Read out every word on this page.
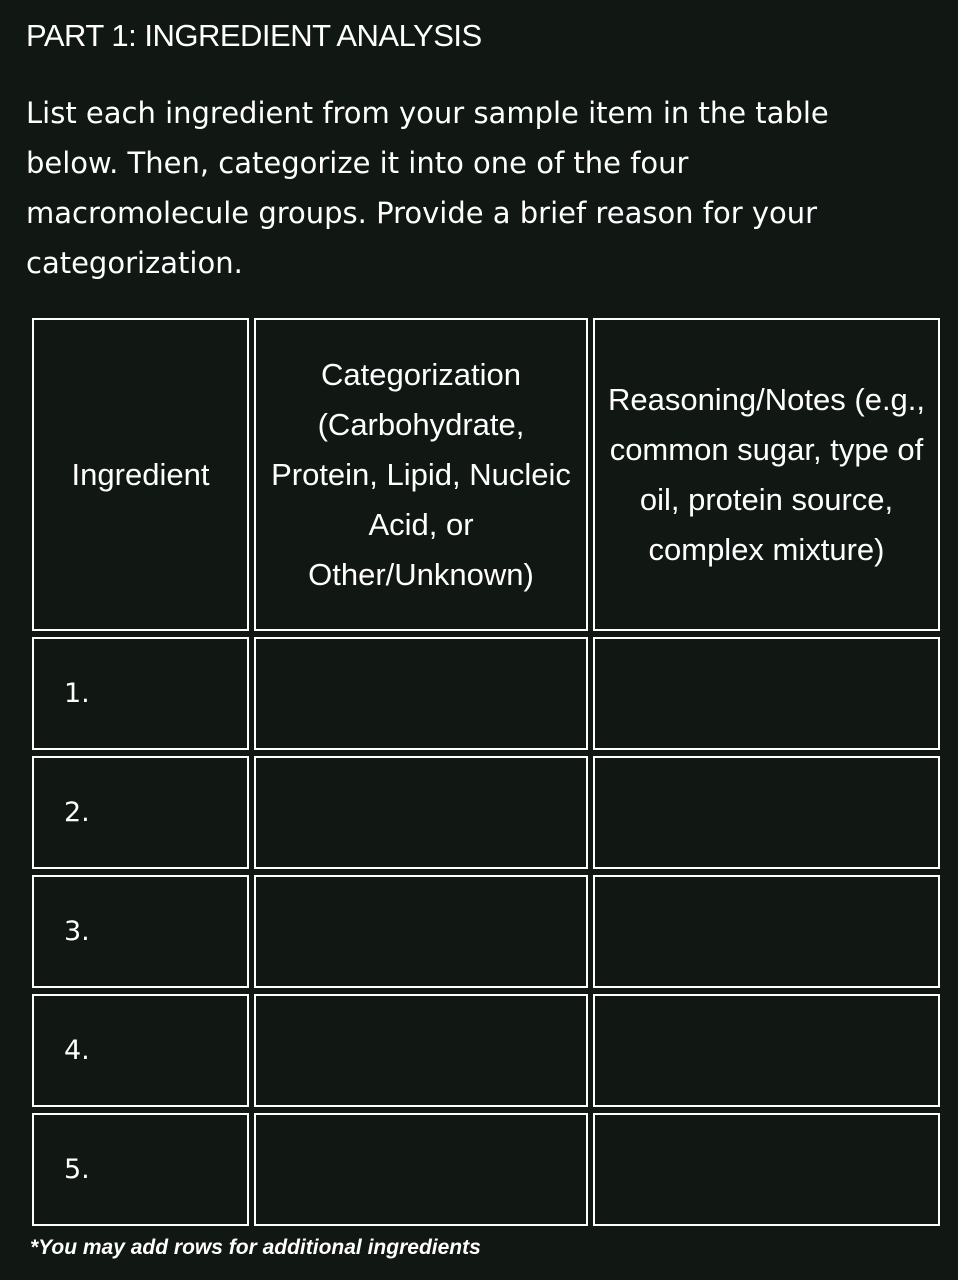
PART 1: INGREDIENT ANALYSIS

List each ingredient from your sample item in the table below. Then, categorize it into one of the four macromolecule groups. Provide a brief reason for your categorization.

Ingredient
Categorization (Carbohydrate, Protein, Lipid, Nucleic Acid, or Other/Unknown)
Reasoning/Notes (e.g., common sugar, type of oil, protein source, complex mixture)
1.
2.
3.
4.
5.

*You may add rows for additional ingredients
